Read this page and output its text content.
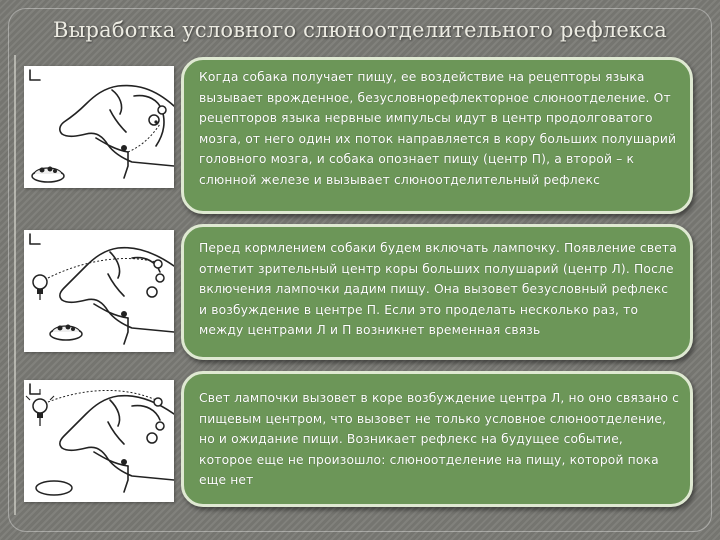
Выработка условного слюноотделительного рефлекса
Когда собака получает пищу, ее воздействие на рецепторы языка вызывает врожденное, безусловнорефлекторное слюноотделение. От рецепторов языка нервные импульсы идут в центр продолговатого мозга, от него один их поток направляется в кору больших полушарий головного мозга, и собака опознает пищу (центр П), а второй – к слюнной железе и вызывает слюноотделительный рефлекс
Перед кормлением собаки будем включать лампочку. Появление света отметит зрительный центр коры больших полушарий (центр Л). После включения лампочки дадим пищу. Она вызовет безусловный рефлекс и возбуждение в центре П. Если это проделать несколько раз, то между центрами Л и П возникнет временная связь
Свет лампочки вызовет в коре возбуждение центра Л, но оно связано с пищевым центром, что вызовет не только условное слюноотделение, но и ожидание пищи. Возникает рефлекс на будущее событие, которое еще не произошло: слюноотделение на пищу, которой пока еще нет
